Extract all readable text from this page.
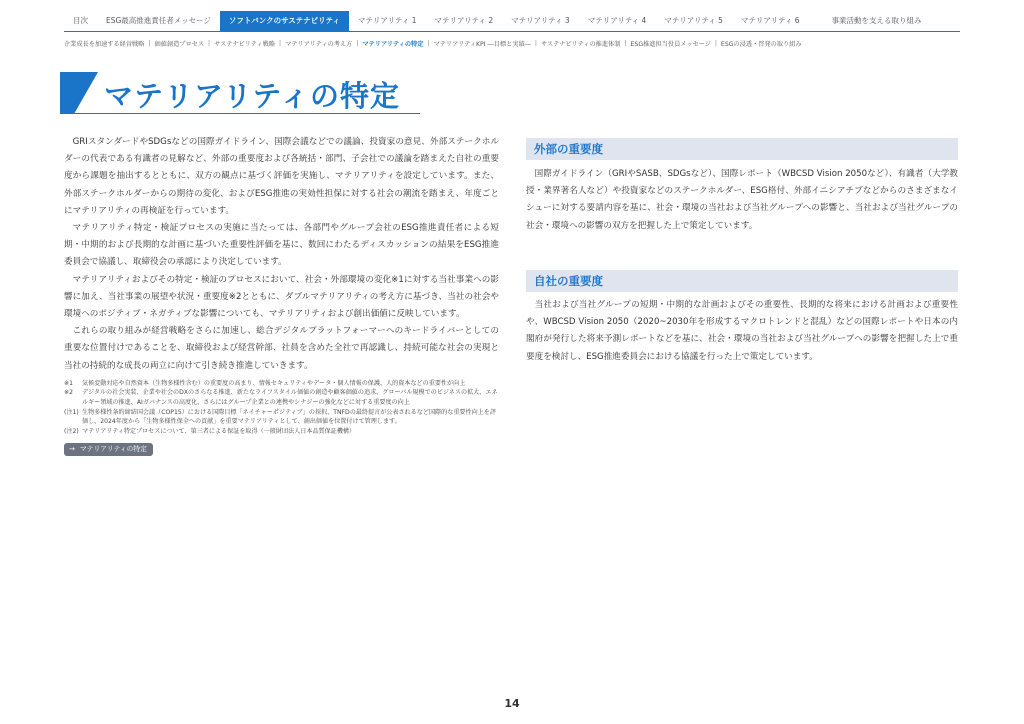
目次	ESG最高推進責任者メッセージ	ソフトバンクのサステナビリティ	マテリアリティ 1	マテリアリティ 2	マテリアリティ 3	マテリアリティ 4	マテリアリティ 5	マテリアリティ 6	事業活動を支える取り組み
企業成長を加速する経営戦略 | 価値創造プロセス | サステナビリティ戦略 | マテリアリティの考え方 | マテリアリティの特定 | マテリアリティKPI ―目標と実績― | サステナビリティの推進体制 | ESG推進担当役員メッセージ | ESGの浸透・啓発の取り組み
マテリアリティの特定

GRIスタンダードやSDGsなどの国際ガイドライン、国際会議などでの議論、投資家の意見、外部ステークホルダーの代表である有識者の見解など、外部の重要度および各統括・部門、子会社での議論を踏まえた自社の重要度から課題を抽出するとともに、双方の観点に基づく評価を実施し、マテリアリティを設定しています。また、外部ステークホルダーからの期待の変化、およびESG推進の実効性担保に対する社会の潮流を踏まえ、年度ごとにマテリアリティの再検証を行っています。

マテリアリティ特定・検証プロセスの実施に当たっては、各部門やグループ会社のESG推進責任者による短期・中期的および長期的な計画に基づいた重要性評価を基に、数回にわたるディスカッションの結果をESG推進委員会で協議し、取締役会の承認により決定しています。

マテリアリティおよびその特定・検証のプロセスにおいて、社会・外部環境の変化※1に対する当社事業への影響に加え、当社事業の展望や状況・重要度※2とともに、ダブルマテリアリティの考え方に基づき、当社の社会や環境へのポジティブ・ネガティブな影響についても、マテリアリティおよび創出価値に反映しています。

これらの取り組みが経営戦略をさらに加速し、総合デジタルプラットフォーマーへのキードライバーとしての重要な位置付けであることを、取締役および経営幹部、社員を含めた全社で再認識し、持続可能な社会の実現と当社の持続的な成長の両立に向けて引き続き推進していきます。

※1	気候変動対応や自然資本（生物多様性含む）の重要度の高まり、情報セキュリティやデータ・個人情報の保護、人的資本などの重要性が向上
※2	デジタルの社会実装、企業や社会のDXのさらなる推進、新たなライフスタイル価値の創造や顧客価値の追求、グローバル規模でのビジネスの拡大、エネルギー領域の推進、AIガバナンスの高度化、さらにはグループ企業との連携やシナジーの強化などに対する重要度の向上
(注1) 生物多様性条約締結国会議（COP15）における国際目標「ネイチャーポジティブ」の採択、TNFDの最終提言が公表されるなど国際的な重要性向上を評価し、2024年度から「生物多様性保全への貢献」を重要マテリアリティとして、創出価値を位置付けて管理します。
(注2) マテリアリティ特定プロセスについて、第三者による保証を取得（一般財団法人日本品質保証機構）
→ マテリアリティの特定
外部の重要度

国際ガイドライン（GRIやSASB、SDGsなど）、国際レポート（WBCSD Vision 2050など）、有識者（大学教授・業界著名人など）や投資家などのステークホルダー、ESG格付、外部イニシアチブなどからのさまざまなイシューに対する要請内容を基に、社会・環境の当社および当社グループへの影響と、当社および当社グループの社会・環境への影響の双方を把握した上で策定しています。

自社の重要度

当社および当社グループの短期・中期的な計画およびその重要性、長期的な将来における計画および重要性や、WBCSD Vision 2050（2020~2030年を形成するマクロトレンドと混乱）などの国際レポートや日本の内閣府が発行した将来予測レポートなどを基に、社会・環境の当社および当社グループへの影響を把握した上で重要度を検討し、ESG推進委員会における協議を行った上で策定しています。

14
